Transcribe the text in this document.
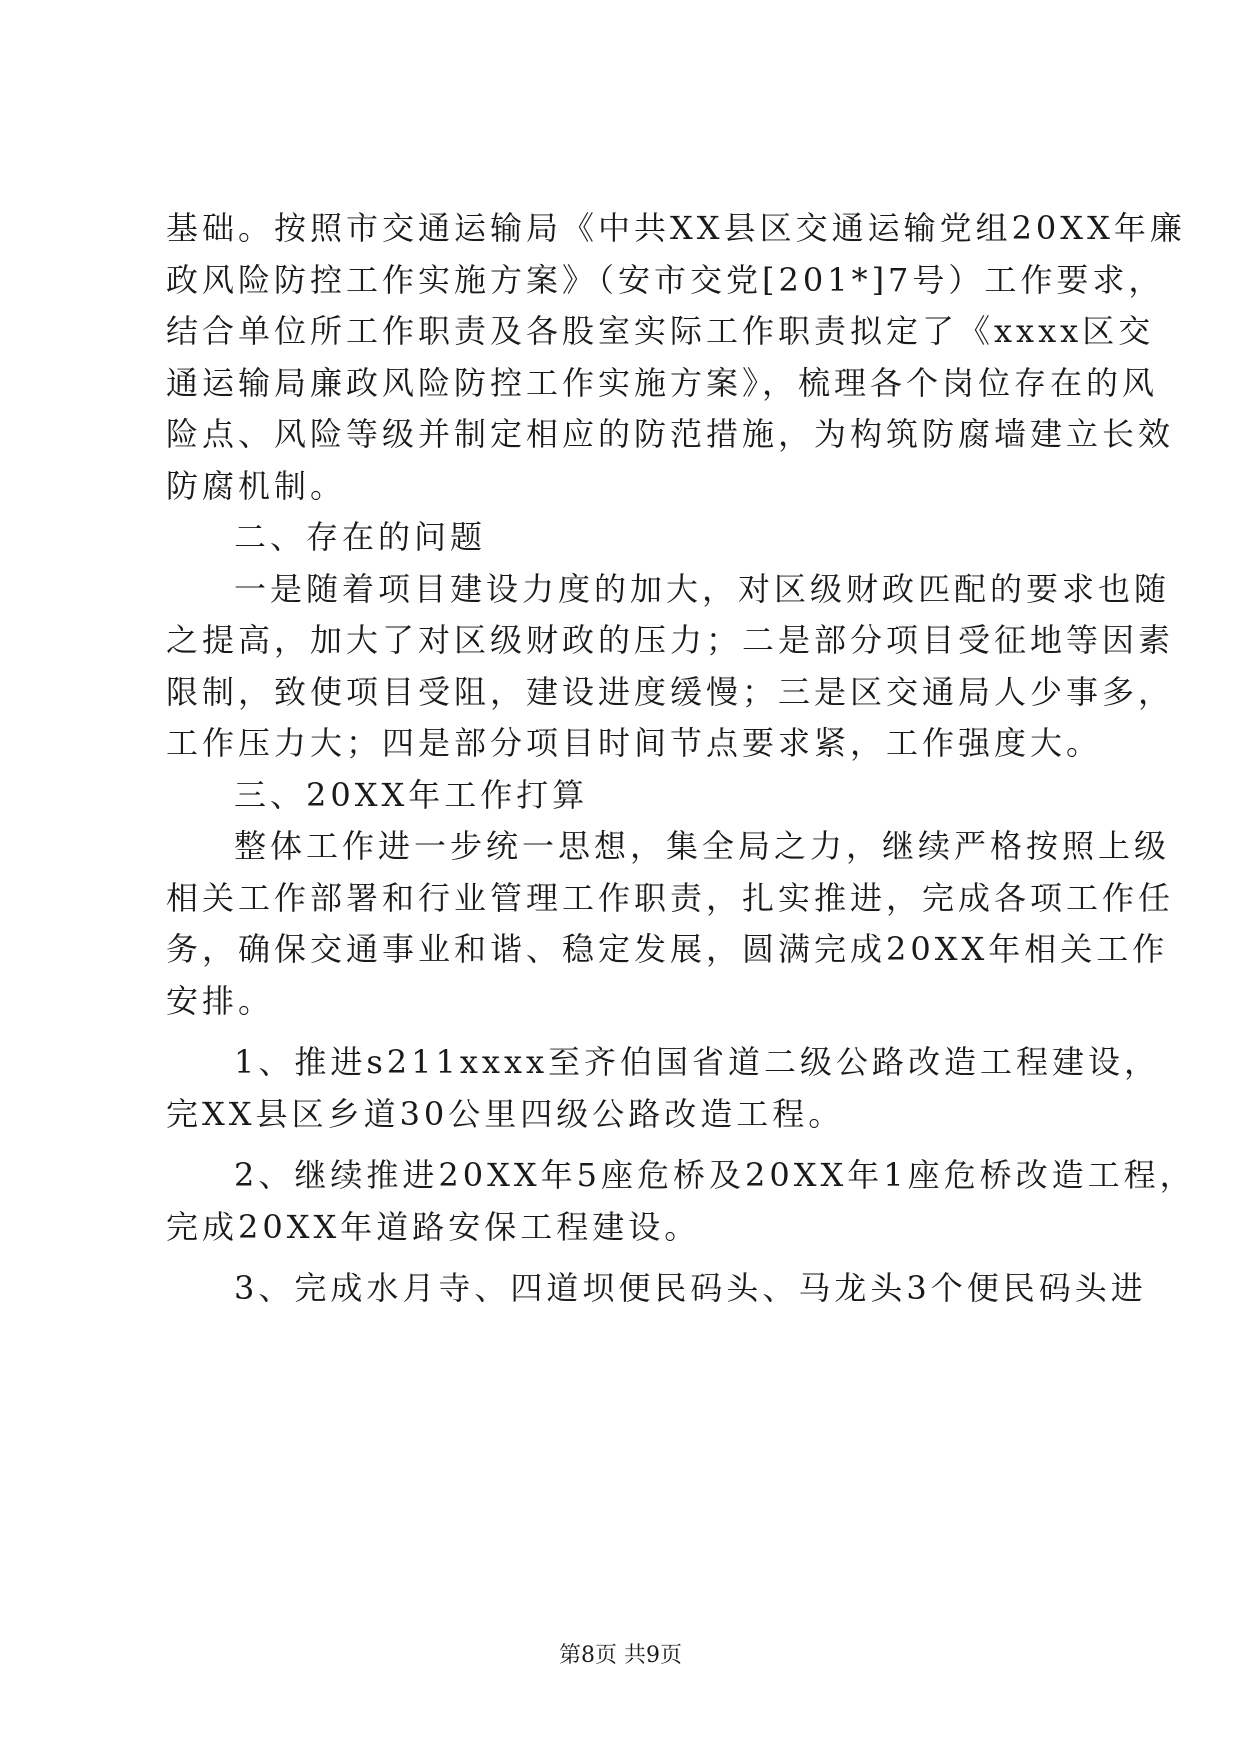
基础。按照市交通运输局《中共XX县区交通运输党组20XX年廉
政风险防控工作实施方案》（安市交党[201*]7号）工作要求，
结合单位所工作职责及各股室实际工作职责拟定了《xxxx区交
通运输局廉政风险防控工作实施方案》，梳理各个岗位存在的风
险点、风险等级并制定相应的防范措施，为构筑防腐墙建立长效
防腐机制。
二、存在的问题
一是随着项目建设力度的加大，对区级财政匹配的要求也随
之提高，加大了对区级财政的压力；二是部分项目受征地等因素
限制，致使项目受阻，建设进度缓慢；三是区交通局人少事多，
工作压力大；四是部分项目时间节点要求紧，工作强度大。
三、20XX年工作打算
整体工作进一步统一思想，集全局之力，继续严格按照上级
相关工作部署和行业管理工作职责，扎实推进，完成各项工作任
务，确保交通事业和谐、稳定发展，圆满完成20XX年相关工作
安排。
1、推进s211xxxx至齐伯国省道二级公路改造工程建设，
完XX县区乡道30公里四级公路改造工程。
2、继续推进20XX年5座危桥及20XX年1座危桥改造工程，
完成20XX年道路安保工程建设。
3、完成水月寺、四道坝便民码头、马龙头3个便民码头进
第8页 共9页
